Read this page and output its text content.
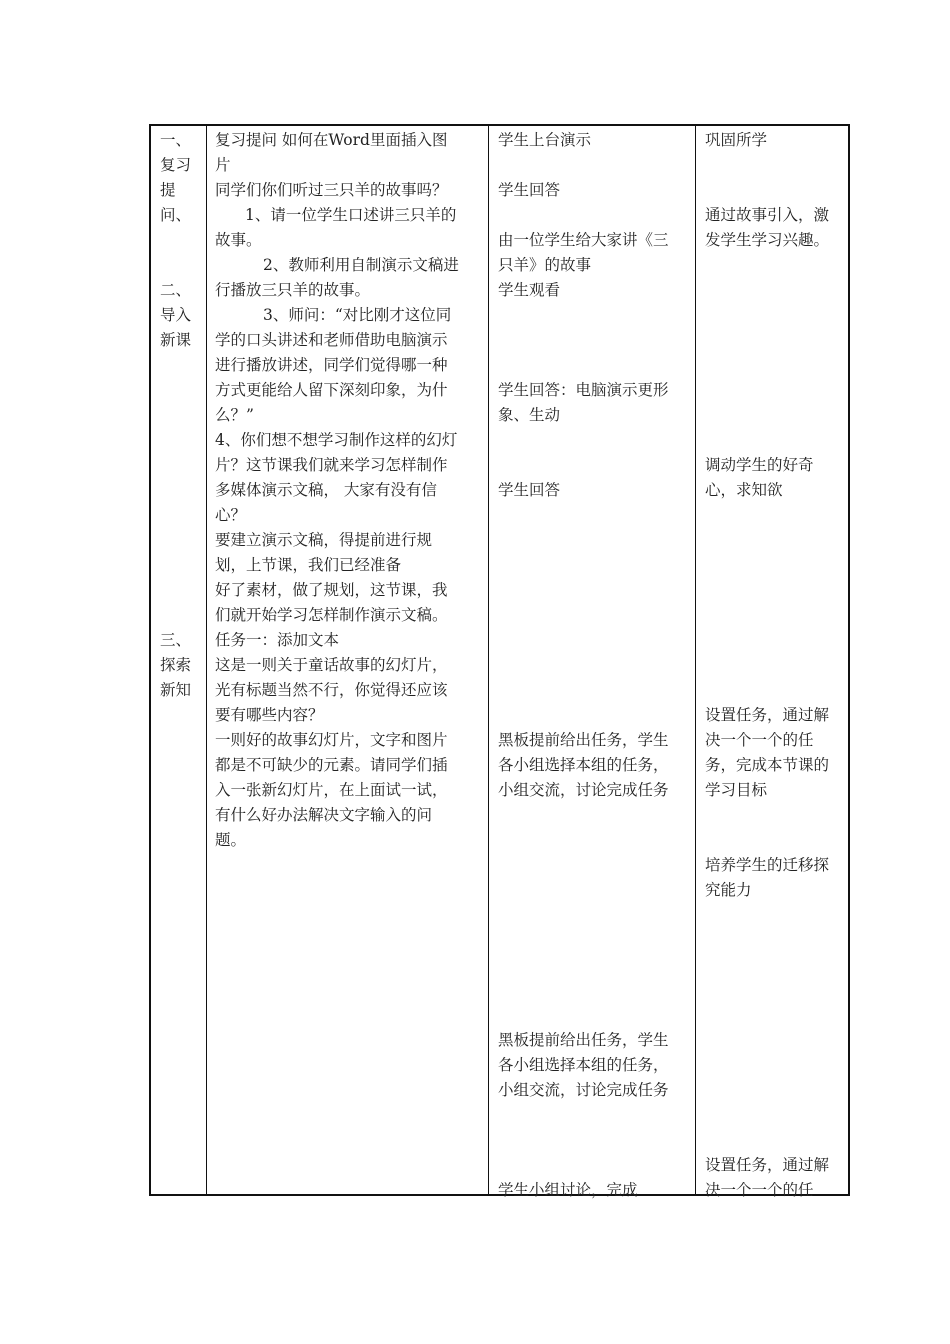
一、
复习
提
问、
二、
导入
新课
三、
探索
新知
复习提问 如何在Word里面插入图
片
同学们你们听过三只羊的故事吗？
1、请一位学生口述讲三只羊的
故事。
2、教师利用自制演示文稿进
行播放三只羊的故事。
3、师问：“对比刚才这位同
学的口头讲述和老师借助电脑演示
进行播放讲述，同学们觉得哪一种
方式更能给人留下深刻印象，为什
么？”
4、你们想不想学习制作这样的幻灯
片？这节课我们就来学习怎样制作
多媒体演示文稿， 大家有没有信
心？
要建立演示文稿，得提前进行规
划，上节课，我们已经准备
好了素材，做了规划，这节课，我
们就开始学习怎样制作演示文稿。
任务一：添加文本
这是一则关于童话故事的幻灯片，
光有标题当然不行，你觉得还应该
要有哪些内容？
一则好的故事幻灯片，文字和图片
都是不可缺少的元素。请同学们插
入一张新幻灯片，在上面试一试，
有什么好办法解决文字输入的问
题。
学生上台演示
学生回答
由一位学生给大家讲《三
只羊》的故事
学生观看
学生回答：电脑演示更形
象、生动
学生回答
黑板提前给出任务，学生
各小组选择本组的任务，
小组交流，讨论完成任务
黑板提前给出任务，学生
各小组选择本组的任务，
小组交流，讨论完成任务
学生小组讨论，完成
巩固所学
通过故事引入，激
发学生学习兴趣。
调动学生的好奇
心，求知欲
设置任务，通过解
决一个一个的任
务，完成本节课的
学习目标
培养学生的迁移探
究能力
设置任务，通过解
决一个一个的任
